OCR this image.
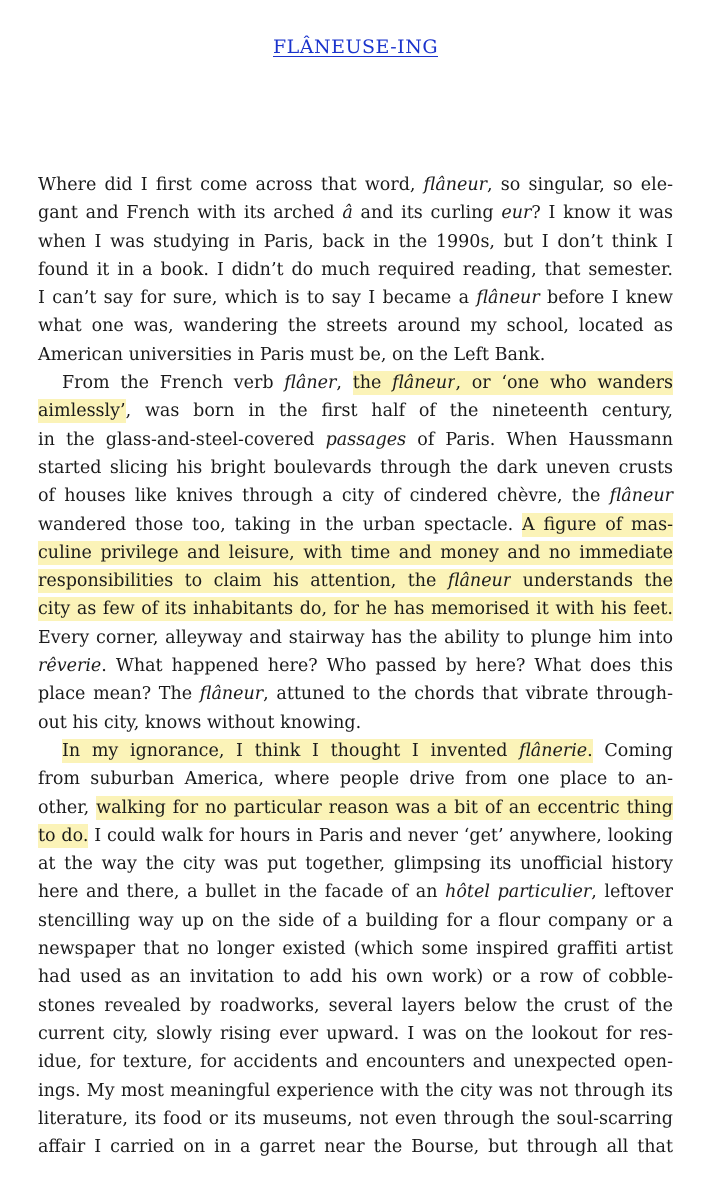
FLÂNEUSE-ING
Where did I first come across that word, flâneur, so singular, so ele-
gant and French with its arched â and its curling eur? I know it was
when I was studying in Paris, back in the 1990s, but I don’t think I
found it in a book. I didn’t do much required reading, that semester.
I can’t say for sure, which is to say I became a flâneur before I knew
what one was, wandering the streets around my school, located as
American universities in Paris must be, on the Left Bank.
From the French verb flâner, the flâneur, or ‘one who wanders
aimlessly’, was born in the first half of the nineteenth century,
in the glass-and-steel-covered passages of Paris. When Haussmann
started slicing his bright boulevards through the dark uneven crusts
of houses like knives through a city of cindered chèvre, the flâneur
wandered those too, taking in the urban spectacle. A figure of mas-
culine privilege and leisure, with time and money and no immediate
responsibilities to claim his attention, the flâneur understands the
city as few of its inhabitants do, for he has memorised it with his feet.
Every corner, alleyway and stairway has the ability to plunge him into
rêverie. What happened here? Who passed by here? What does this
place mean? The flâneur, attuned to the chords that vibrate through-
out his city, knows without knowing.
In my ignorance, I think I thought I invented flânerie. Coming
from suburban America, where people drive from one place to an-
other, walking for no particular reason was a bit of an eccentric thing
to do. I could walk for hours in Paris and never ‘get’ anywhere, looking
at the way the city was put together, glimpsing its unofficial history
here and there, a bullet in the facade of an hôtel particulier, leftover
stencilling way up on the side of a building for a flour company or a
newspaper that no longer existed (which some inspired graffiti artist
had used as an invitation to add his own work) or a row of cobble-
stones revealed by roadworks, several layers below the crust of the
current city, slowly rising ever upward. I was on the lookout for res-
idue, for texture, for accidents and encounters and unexpected open-
ings. My most meaningful experience with the city was not through its
literature, its food or its museums, not even through the soul-scarring
affair I carried on in a garret near the Bourse, but through all that
